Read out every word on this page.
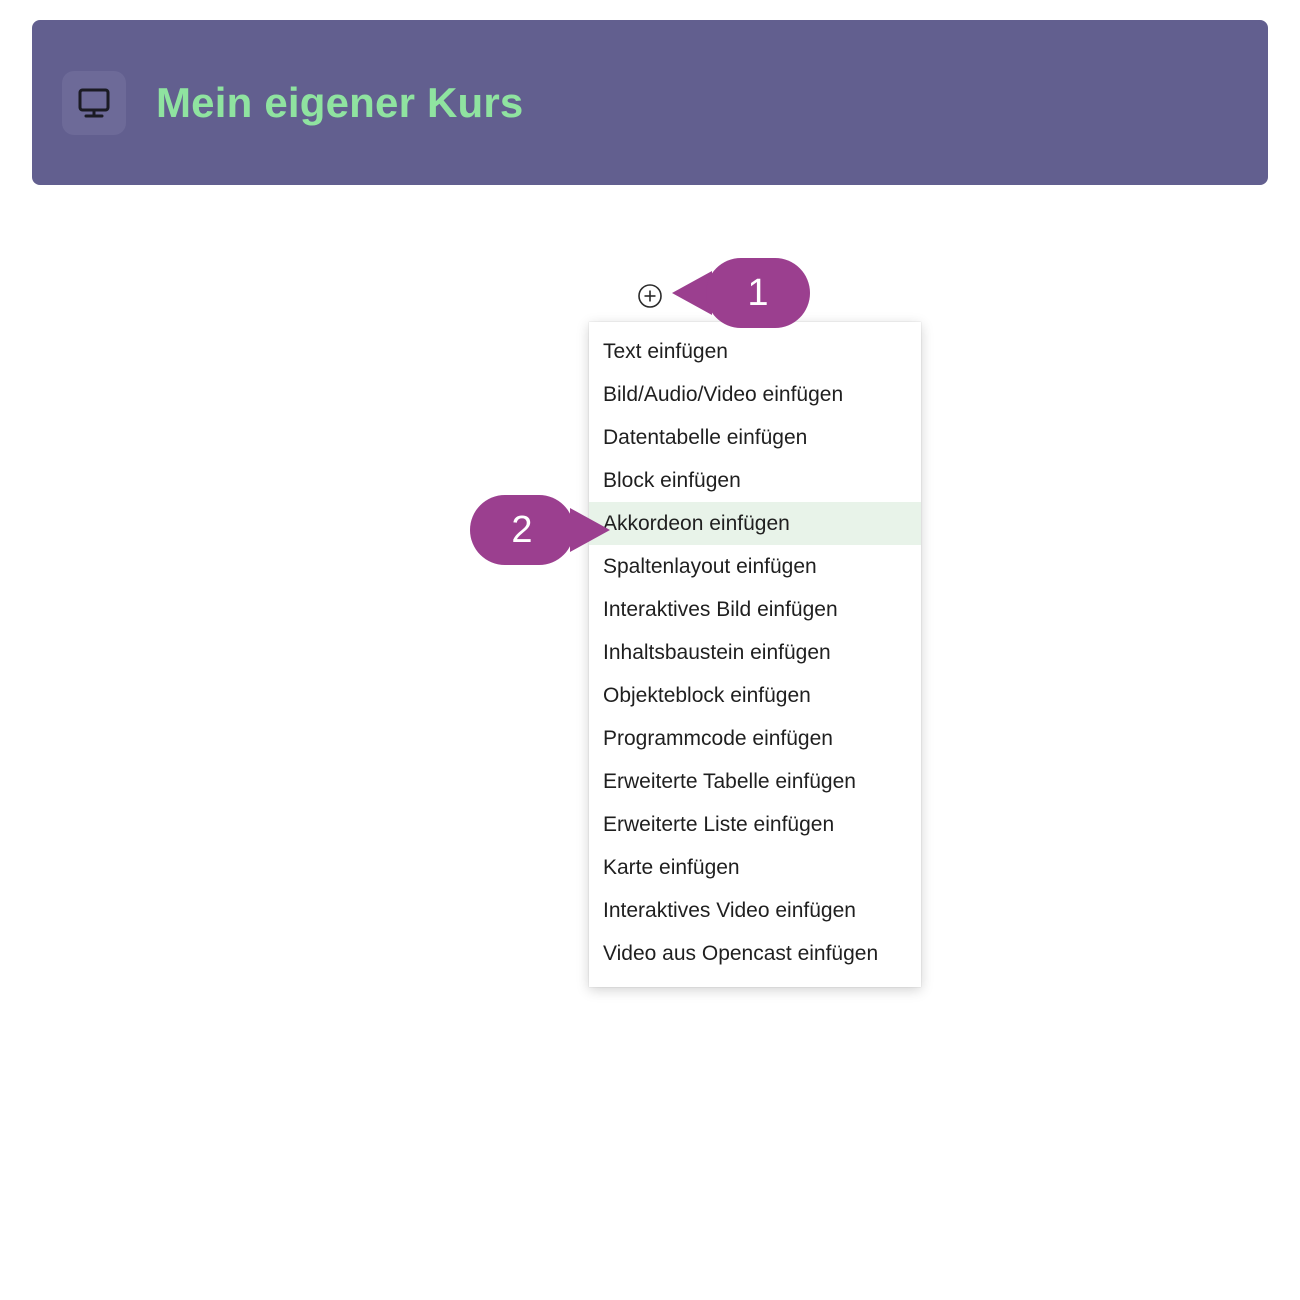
Mein eigener Kurs
Text einfügen
Bild/Audio/Video einfügen
Datentabelle einfügen
Block einfügen
Akkordeon einfügen
Spaltenlayout einfügen
Interaktives Bild einfügen
Inhaltsbaustein einfügen
Objekteblock einfügen
Programmcode einfügen
Erweiterte Tabelle einfügen
Erweiterte Liste einfügen
Karte einfügen
Interaktives Video einfügen
Video aus Opencast einfügen
1
2
